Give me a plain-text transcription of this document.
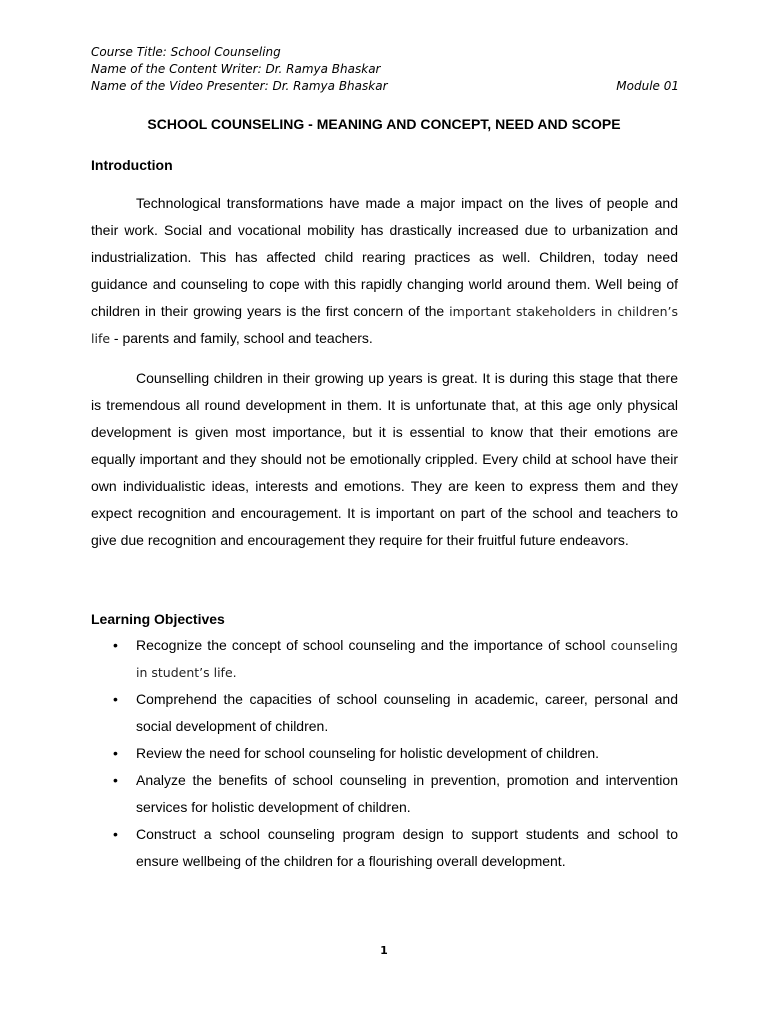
Course Title: School Counseling
Name of the Content Writer: Dr. Ramya Bhaskar
Name of the Video Presenter: Dr. Ramya Bhaskar	Module 01
SCHOOL COUNSELING - MEANING AND CONCEPT, NEED AND SCOPE
Introduction
Technological transformations have made a major impact on the lives of people and their work. Social and vocational mobility has drastically increased due to urbanization and industrialization. This has affected child rearing practices as well. Children, today need guidance and counseling to cope with this rapidly changing world around them. Well being of children in their growing years is the first concern of the important stakeholders in children’s life - parents and family, school and teachers.
Counselling children in their growing up years is great. It is during this stage that there is tremendous all round development in them. It is unfortunate that, at this age only physical development is given most importance, but it is essential to know that their emotions are equally important and they should not be emotionally crippled. Every child at school have their own individualistic ideas, interests and emotions. They are keen to express them and they expect recognition and encouragement. It is important on part of the school and teachers to give due recognition and encouragement they require for their fruitful future endeavors.
Learning Objectives
• Recognize the concept of school counseling and the importance of school counseling in student’s life.
• Comprehend the capacities of school counseling in academic, career, personal and social development of children.
• Review the need for school counseling for holistic development of children.
• Analyze the benefits of school counseling in prevention, promotion and intervention services for holistic development of children.
• Construct a school counseling program design to support students and school to ensure wellbeing of the children for a flourishing overall development.
1
